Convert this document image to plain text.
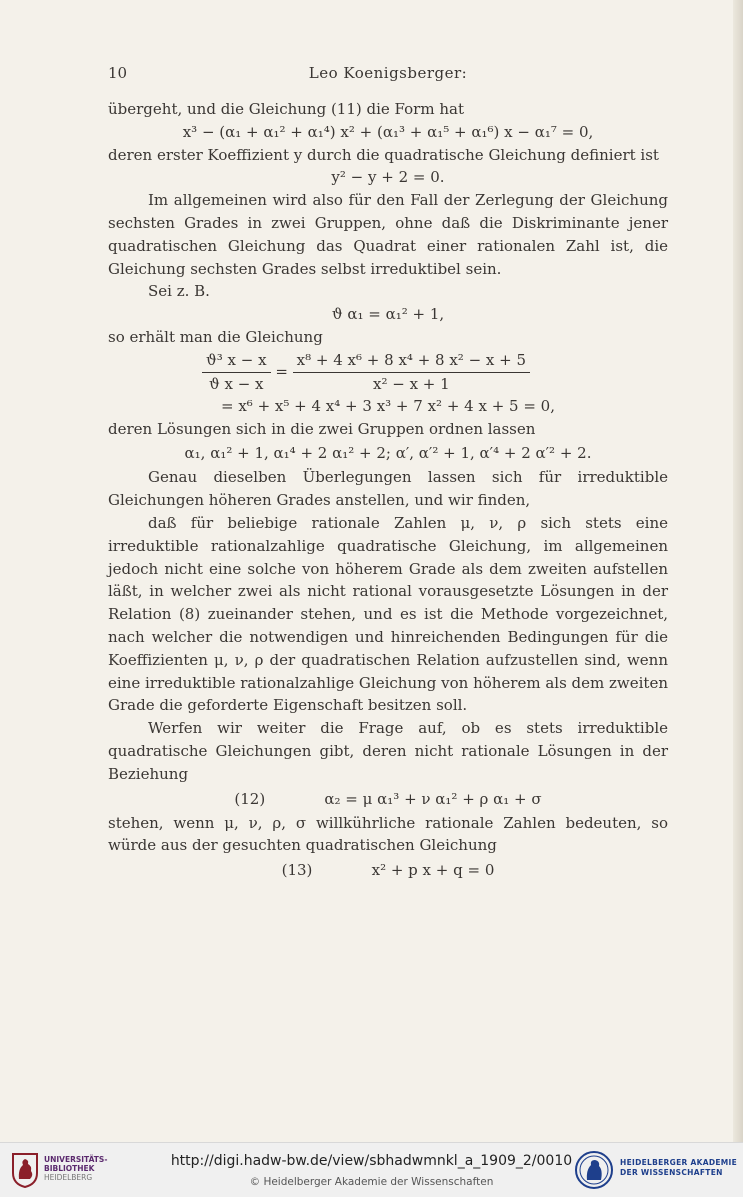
10	Leo Koenigsberger:

übergeht, und die Gleichung (11) die Form hat

x³ − (α₁ + α₁² + α₁⁴) x² + (α₁³ + α₁⁵ + α₁⁶) x − α₁⁷ = 0,

deren erster Koeffizient y durch die quadratische Gleichung definiert ist

y² − y + 2 = 0.

Im allgemeinen wird also für den Fall der Zerlegung der Gleichung sechsten Grades in zwei Gruppen, ohne daß die Diskriminante jener quadratischen Gleichung das Quadrat einer rationalen Zahl ist, die Gleichung sechsten Grades selbst irreduktibel sein.

Sei z. B.

ϑ α₁ = α₁² + 1,

so erhält man die Gleichung

$\frac{\text{ϑ³ x − x}}{\text{ϑ x − x}} = \frac{\text{x⁸ + 4 x⁶ + 8 x⁴ + 8 x² − x + 5}}{\text{x² − x + 1}}$
= x⁶ + x⁵ + 4 x⁴ + 3 x³ + 7 x² + 4 x + 5 = 0,

deren Lösungen sich in die zwei Gruppen ordnen lassen

α₁, α₁² + 1, α₁⁴ + 2 α₁² + 2; α′, α′² + 1, α′⁴ + 2 α′² + 2.

Genau dieselben Überlegungen lassen sich für irreduktible Gleichungen höheren Grades anstellen, und wir finden,

daß für beliebige rationale Zahlen μ, ν, ρ sich stets eine irreduktible rationalzahlige quadratische Gleichung, im allgemeinen jedoch nicht eine solche von höherem Grade als dem zweiten aufstellen läßt, in welcher zwei als nicht rational vorausgesetzte Lösungen in der Relation (8) zueinander stehen, und es ist die Methode vorgezeichnet, nach welcher die notwendigen und hinreichenden Bedingungen für die Koeffizienten μ, ν, ρ der quadratischen Relation aufzustellen sind, wenn eine irreduktible rationalzahlige Gleichung von höherem als dem zweiten Grade die geforderte Eigenschaft besitzen soll.

Werfen wir weiter die Frage auf, ob es stets irreduktible quadratische Gleichungen gibt, deren nicht rationale Lösungen in der Beziehung

(12)	α₂ = μ α₁³ + ν α₁² + ρ α₁ + σ

stehen, wenn μ, ν, ρ, σ willkührliche rationale Zahlen bedeuten, so würde aus der gesuchten quadratischen Gleichung

(13)	x² + p x + q = 0
UNIVERSITÄTS-
BIBLIOTHEK
HEIDELBERG
http://digi.hadw-bw.de/view/sbhadwmnkl_a_1909_2/0010
© Heidelberger Akademie der Wissenschaften
HEIDELBERGER AKADEMIE
DER WISSENSCHAFTEN
